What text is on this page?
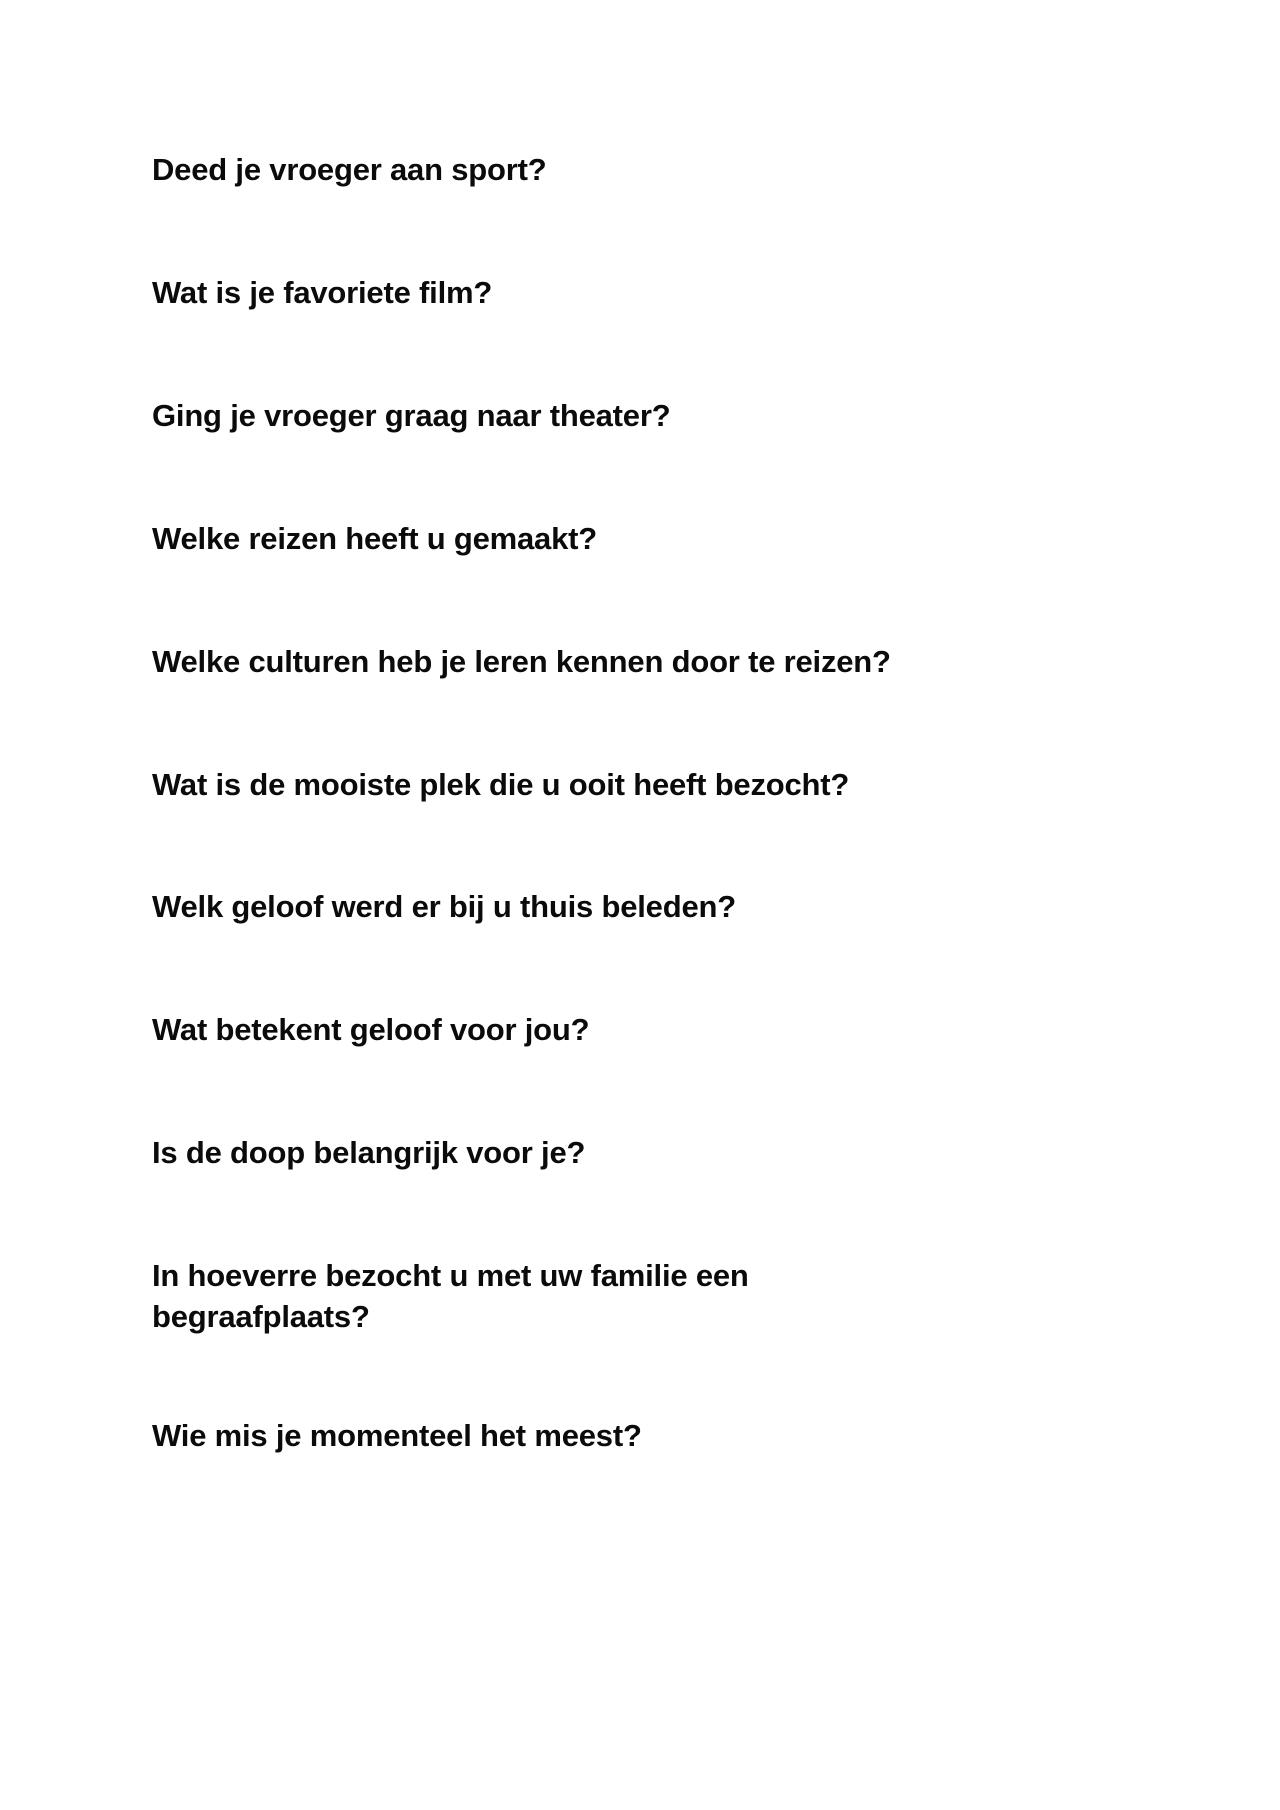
Deed je vroeger aan sport?

Wat is je favoriete film?

Ging je vroeger graag naar theater?

Welke reizen heeft u gemaakt?

Welke culturen heb je leren kennen door te reizen?

Wat is de mooiste plek die u ooit heeft bezocht?

Welk geloof werd er bij u thuis beleden?

Wat betekent geloof voor jou?

Is de doop belangrijk voor je?

In hoeverre bezocht u met uw familie een begraafplaats?

Wie mis je momenteel het meest?
